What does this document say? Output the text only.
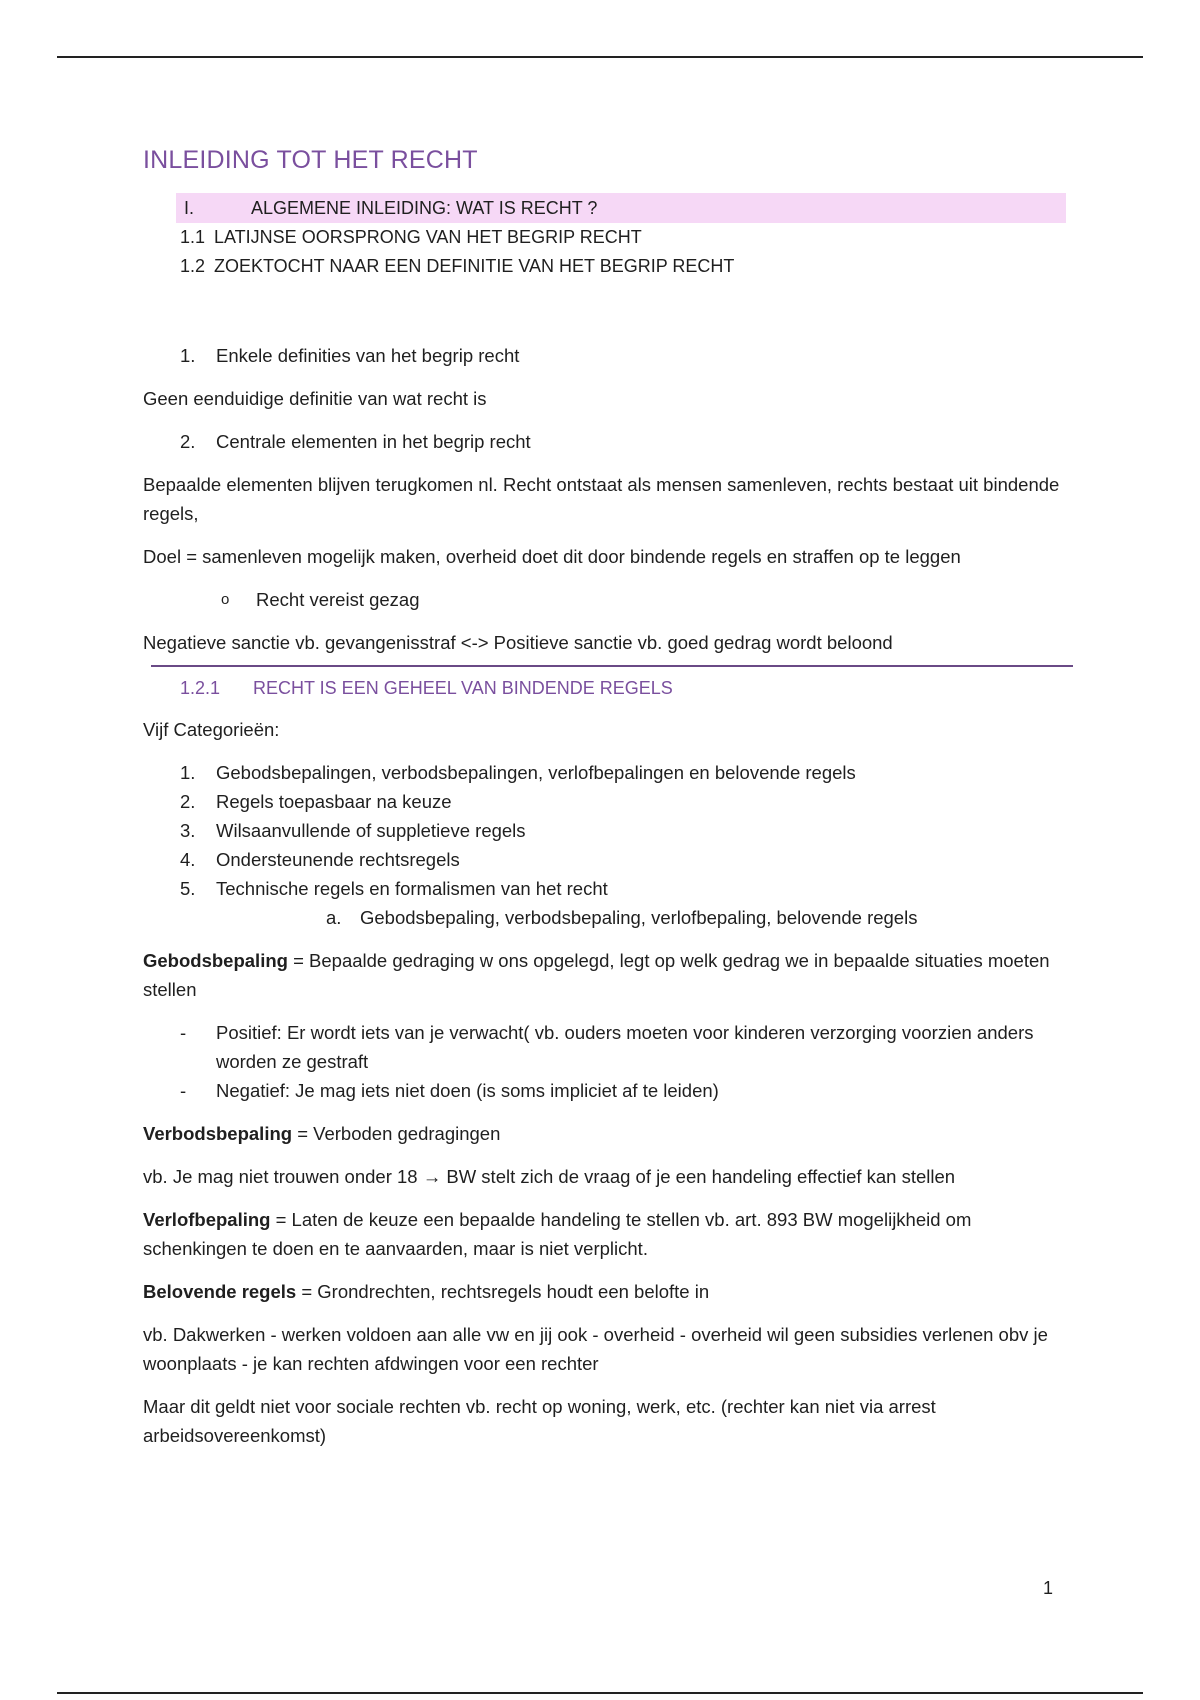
INLEIDING TOT HET RECHT
I.	ALGEMENE INLEIDING: WAT IS RECHT ?
1.1 LATIJNSE OORSPRONG VAN HET BEGRIP RECHT
1.2 ZOEKTOCHT NAAR EEN DEFINITIE VAN HET BEGRIP RECHT
1. Enkele definities van het begrip recht
Geen eenduidige definitie van wat recht is
2. Centrale elementen in het begrip recht
Bepaalde elementen blijven terugkomen nl. Recht ontstaat als mensen samenleven, rechts bestaat uit bindende regels,
Doel = samenleven mogelijk maken, overheid doet dit door bindende regels en straffen op te leggen
o Recht vereist gezag
Negatieve sanctie vb. gevangenisstraf <-> Positieve sanctie vb. goed gedrag wordt beloond
1.2.1 RECHT IS EEN GEHEEL VAN BINDENDE REGELS
Vijf Categorieën:
1. Gebodsbepalingen, verbodsbepalingen, verlofbepalingen en belovende regels
2. Regels toepasbaar na keuze
3. Wilsaanvullende of suppletieve regels
4. Ondersteunende rechtsregels
5. Technische regels en formalismen van het recht
a. Gebodsbepaling, verbodsbepaling, verlofbepaling, belovende regels
Gebodsbepaling = Bepaalde gedraging w ons opgelegd, legt op welk gedrag we in bepaalde situaties moeten stellen
- Positief: Er wordt iets van je verwacht( vb. ouders moeten voor kinderen verzorging voorzien anders worden ze gestraft
- Negatief: Je mag iets niet doen (is soms impliciet af te leiden)
Verbodsbepaling = Verboden gedragingen
vb. Je mag niet trouwen onder 18 → BW stelt zich de vraag of je een handeling effectief kan stellen
Verlofbepaling = Laten de keuze een bepaalde handeling te stellen vb. art. 893 BW mogelijkheid om schenkingen te doen en te aanvaarden, maar is niet verplicht.
Belovende regels = Grondrechten, rechtsregels houdt een belofte in
vb. Dakwerken - werken voldoen aan alle vw en jij ook - overheid - overheid wil geen subsidies verlenen obv je woonplaats - je kan rechten afdwingen voor een rechter
Maar dit geldt niet voor sociale rechten vb. recht op woning, werk, etc. (rechter kan niet via arrest arbeidsovereenkomst)
1
